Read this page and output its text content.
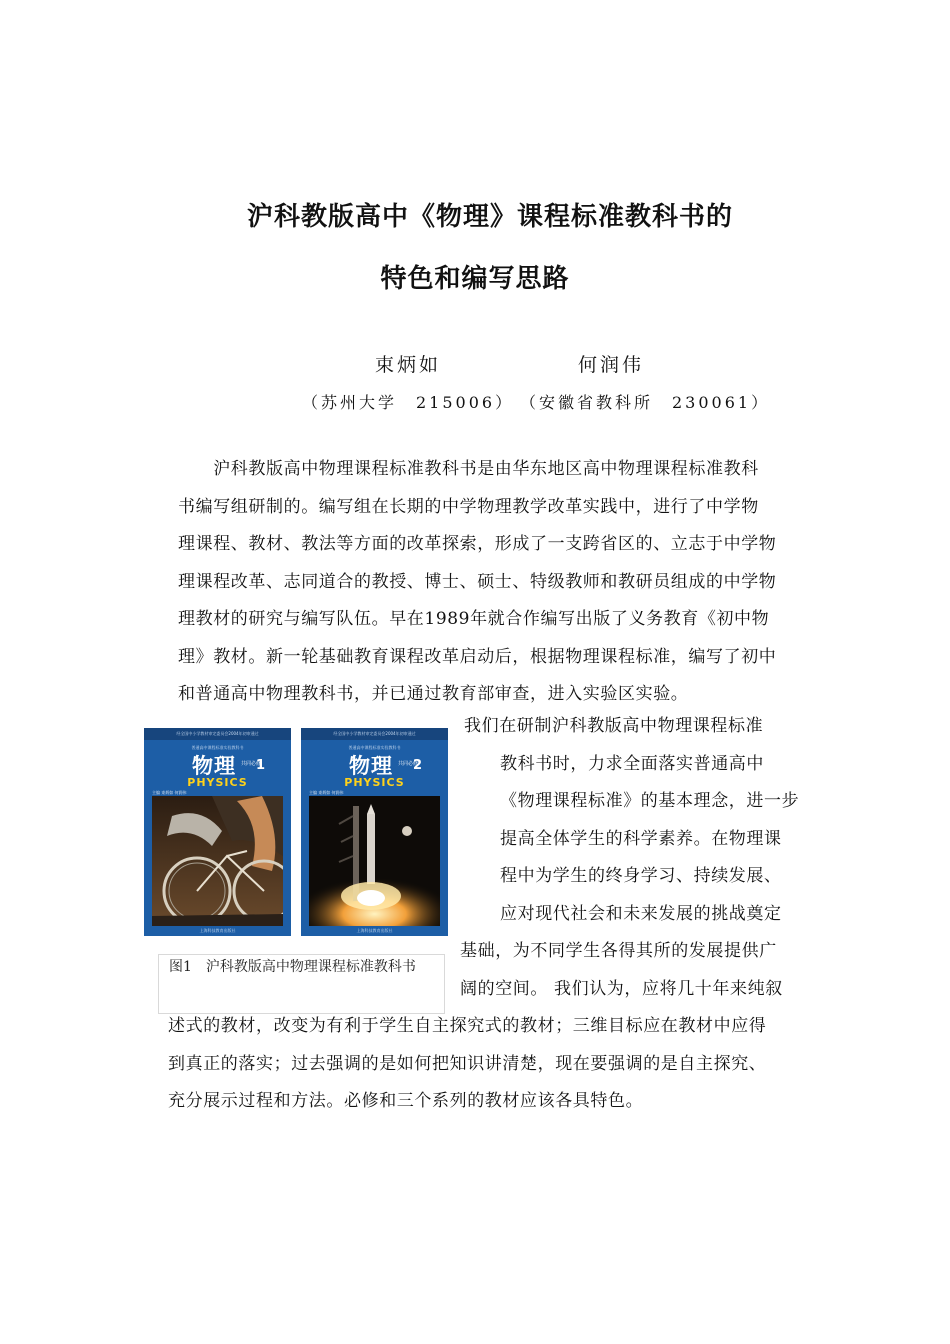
沪科教版高中《物理》课程标准教科书的
特色和编写思路
束炳如	何润伟
（苏州大学　215006） （安徽省教科所　230061）
　　沪科教版高中物理课程标准教科书是由华东地区高中物理课程标准教科
书编写组研制的。编写组在长期的中学物理教学改革实践中，进行了中学物
理课程、教材、教法等方面的改革探索，形成了一支跨省区的、立志于中学物
理课程改革、志同道合的教授、博士、硕士、特级教师和教研员组成的中学物
理教材的研究与编写队伍。早在1989年就合作编写出版了义务教育《初中物
理》教材。新一轮基础教育课程改革启动后，根据物理课程标准，编写了初中
和普通高中物理教科书，并已通过教育部审查，进入实验区实验。
经全国中小学教材审定委员会2004年初审通过
普通高中课程标准实验教科书
物理 共同必修
1
PHYSICS
主编 束炳如 何润伟
上海科技教育出版社
经全国中小学教材审定委员会2004年初审通过
普通高中课程标准实验教科书
物理 共同必修
2
PHYSICS
主编 束炳如 何润伟
上海科技教育出版社
图1　沪科教版高中物理课程标准教科书
我们在研制沪科教版高中物理课程标准
教科书时，力求全面落实普通高中
《物理课程标准》的基本理念，进一步
提高全体学生的科学素养。在物理课
程中为学生的终身学习、持续发展、
应对现代社会和未来发展的挑战奠定
基础，为不同学生各得其所的发展提供广
阔的空间。 我们认为，应将几十年来纯叙
述式的教材，改变为有利于学生自主探究式的教材；三维目标应在教材中应得
到真正的落实；过去强调的是如何把知识讲清楚，现在要强调的是自主探究、
充分展示过程和方法。必修和三个系列的教材应该各具特色。
